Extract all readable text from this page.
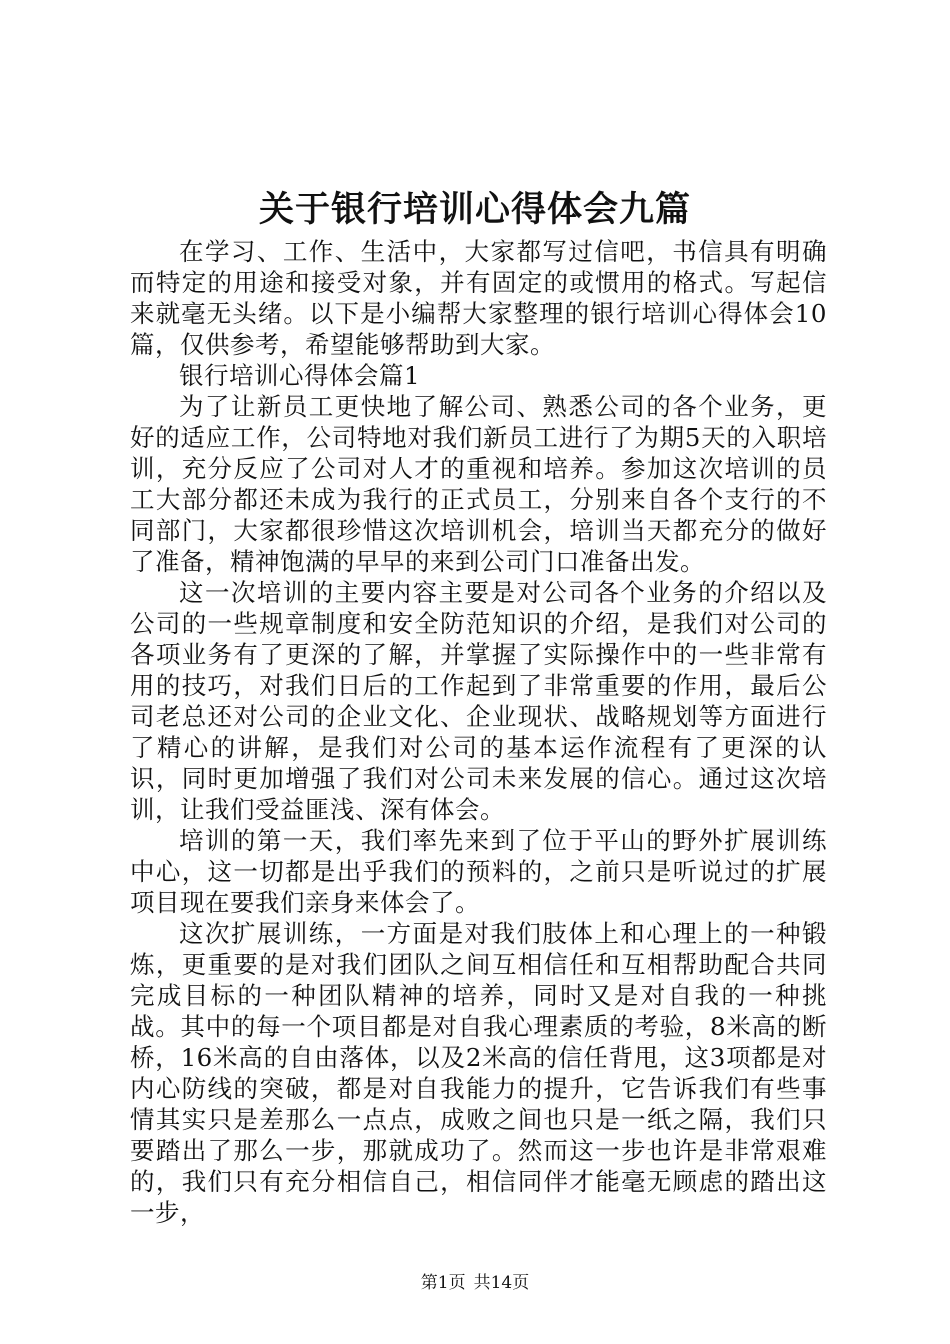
关于银行培训心得体会九篇

在学习、工作、生活中，大家都写过信吧，书信具有明确而特定的用途和接受对象，并有固定的或惯用的格式。写起信来就毫无头绪。以下是小编帮大家整理的银行培训心得体会10篇，仅供参考，希望能够帮助到大家。

银行培训心得体会篇1

为了让新员工更快地了解公司、熟悉公司的各个业务，更好的适应工作，公司特地对我们新员工进行了为期5天的入职培训，充分反应了公司对人才的重视和培养。参加这次培训的员工大部分都还未成为我行的正式员工，分别来自各个支行的不同部门，大家都很珍惜这次培训机会，培训当天都充分的做好了准备，精神饱满的早早的来到公司门口准备出发。

这一次培训的主要内容主要是对公司各个业务的介绍以及公司的一些规章制度和安全防范知识的介绍，是我们对公司的各项业务有了更深的了解，并掌握了实际操作中的一些非常有用的技巧，对我们日后的工作起到了非常重要的作用，最后公司老总还对公司的企业文化、企业现状、战略规划等方面进行了精心的讲解，是我们对公司的基本运作流程有了更深的认识，同时更加增强了我们对公司未来发展的信心。通过这次培训，让我们受益匪浅、深有体会。

培训的第一天，我们率先来到了位于平山的野外扩展训练中心，这一切都是出乎我们的预料的，之前只是听说过的扩展项目现在要我们亲身来体会了。

这次扩展训练，一方面是对我们肢体上和心理上的一种锻炼，更重要的是对我们团队之间互相信任和互相帮助配合共同完成目标的一种团队精神的培养，同时又是对自我的一种挑战。其中的每一个项目都是对自我心理素质的考验，8米高的断桥，16米高的自由落体，以及2米高的信任背甩，这3项都是对内心防线的突破，都是对自我能力的提升，它告诉我们有些事情其实只是差那么一点点，成败之间也只是一纸之隔，我们只要踏出了那么一步，那就成功了。然而这一步也许是非常艰难的，我们只有充分相信自己，相信同伴才能毫无顾虑的踏出这一步，

第1页 共14页
